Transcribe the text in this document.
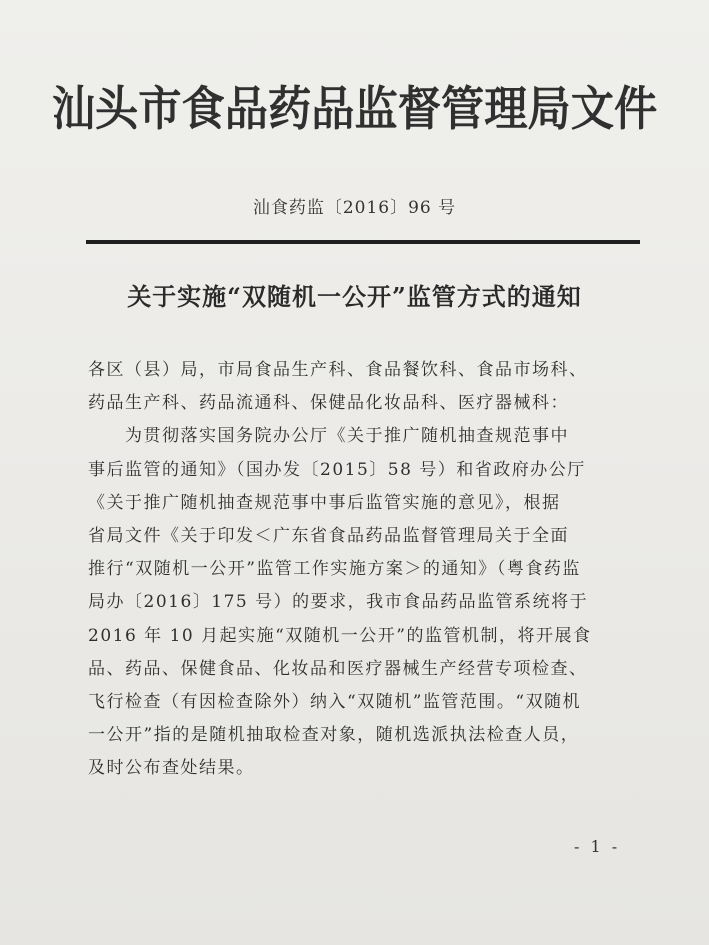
汕头市食品药品监督管理局文件
汕食药监〔2016〕96 号
关于实施“双随机一公开”监管方式的通知
各区（县）局，市局食品生产科、食品餐饮科、食品市场科、
药品生产科、药品流通科、保健品化妆品科、医疗器械科：
　　为贯彻落实国务院办公厅《关于推广随机抽查规范事中
事后监管的通知》（国办发〔2015〕58 号）和省政府办公厅
《关于推广随机抽查规范事中事后监管实施的意见》，根据
省局文件《关于印发＜广东省食品药品监督管理局关于全面
推行“双随机一公开”监管工作实施方案＞的通知》（粤食药监
局办〔2016〕175 号）的要求，我市食品药品监管系统将于
2016 年 10 月起实施“双随机一公开”的监管机制，将开展食
品、药品、保健食品、化妆品和医疗器械生产经营专项检查、
飞行检查（有因检查除外）纳入“双随机”监管范围。“双随机
一公开”指的是随机抽取检查对象，随机选派执法检查人员，
及时公布查处结果。
- 1 -
